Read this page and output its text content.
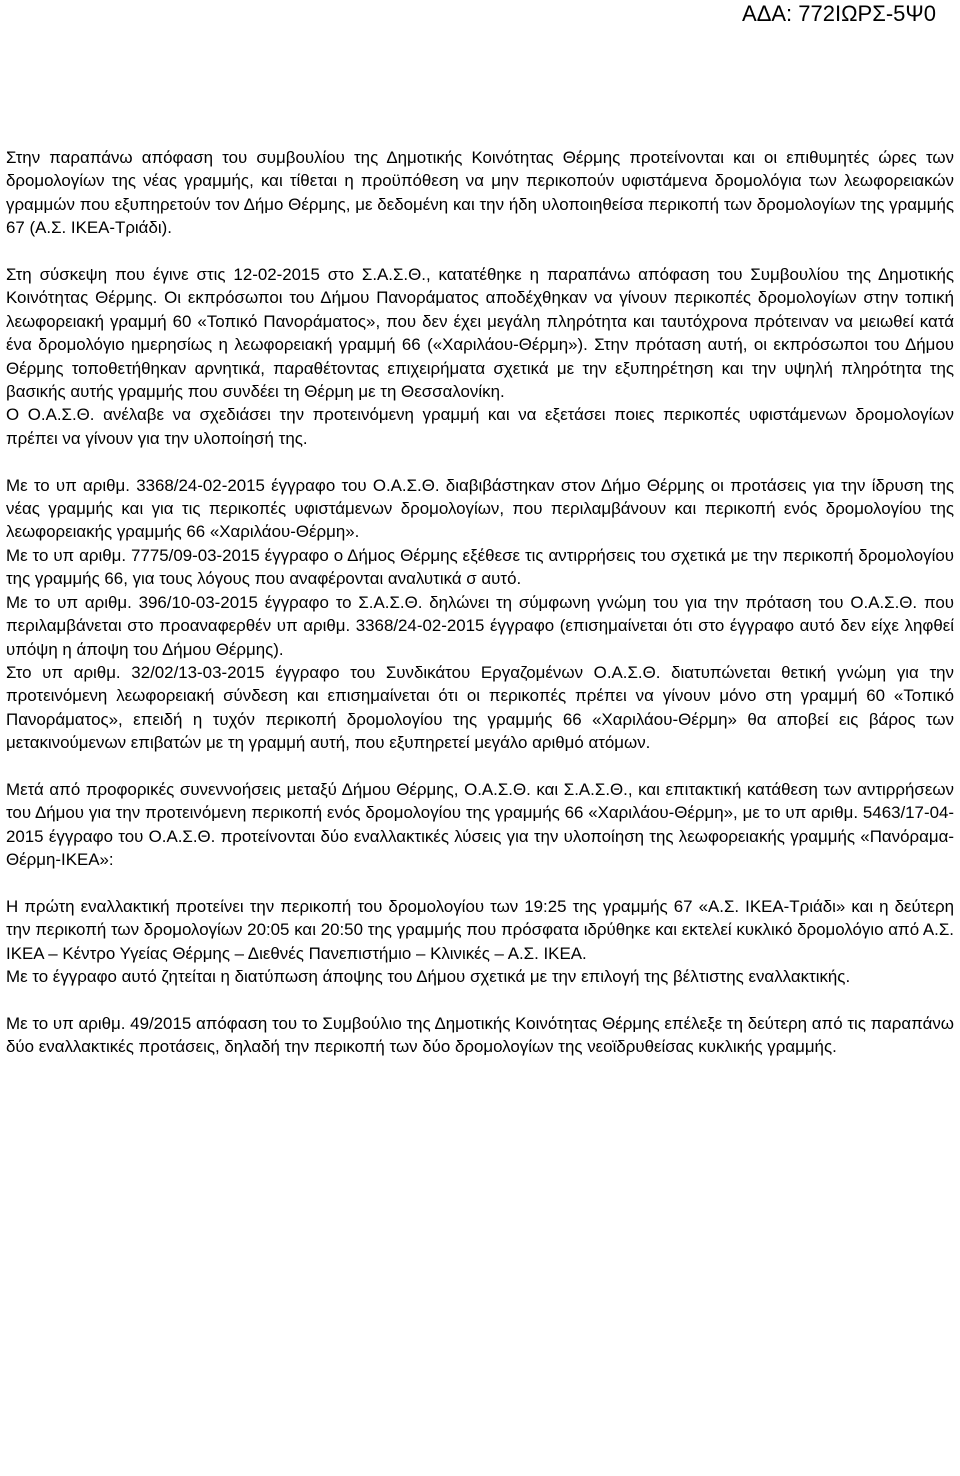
ΑΔΑ: 772ΙΩΡΣ-5Ψ0

Στην παραπάνω απόφαση του συμβουλίου της Δημοτικής Κοινότητας Θέρμης προτείνονται και οι επιθυμητές ώρες των δρομολογίων της νέας γραμμής, και τίθεται η προϋπόθεση να μην περικοπούν υφιστάμενα δρομολόγια των λεωφορειακών γραμμών που εξυπηρετούν τον Δήμο Θέρμης, με δεδομένη και την ήδη υλοποιηθείσα περικοπή των δρομολογίων της γραμμής 67 (Α.Σ. ΙΚΕΑ-Τριάδι).

Στη σύσκεψη που έγινε στις 12-02-2015 στο Σ.Α.Σ.Θ., κατατέθηκε η παραπάνω απόφαση του Συμβουλίου της Δημοτικής Κοινότητας Θέρμης. Οι εκπρόσωποι του Δήμου Πανοράματος αποδέχθηκαν να γίνουν περικοπές δρομολογίων στην τοπική λεωφορειακή γραμμή 60 «Τοπικό Πανοράματος», που δεν έχει μεγάλη πληρότητα και ταυτόχρονα πρότειναν να μειωθεί κατά ένα δρομολόγιο ημερησίως η λεωφορειακή γραμμή 66 («Χαριλάου-Θέρμη»). Στην πρόταση αυτή, οι εκπρόσωποι του Δήμου Θέρμης τοποθετήθηκαν αρνητικά, παραθέτοντας επιχειρήματα σχετικά με την εξυπηρέτηση και την υψηλή πληρότητα της βασικής αυτής γραμμής που συνδέει τη Θέρμη με τη Θεσσαλονίκη.

Ο Ο.Α.Σ.Θ. ανέλαβε να σχεδιάσει την προτεινόμενη γραμμή και να εξετάσει ποιες περικοπές υφιστάμενων δρομολογίων πρέπει να γίνουν για την υλοποίησή της.

Με το υπ αριθμ. 3368/24-02-2015 έγγραφο του Ο.Α.Σ.Θ. διαβιβάστηκαν στον Δήμο Θέρμης οι προτάσεις για την ίδρυση της νέας γραμμής και για τις περικοπές υφιστάμενων δρομολογίων, που περιλαμβάνουν και περικοπή ενός δρομολογίου της λεωφορειακής γραμμής 66 «Χαριλάου-Θέρμη».

Με το υπ αριθμ. 7775/09-03-2015 έγγραφο ο Δήμος Θέρμης εξέθεσε τις αντιρρήσεις του σχετικά με την περικοπή δρομολογίου της γραμμής 66, για τους λόγους που αναφέρονται αναλυτικά σ αυτό.

Με το υπ αριθμ. 396/10-03-2015 έγγραφο το Σ.Α.Σ.Θ. δηλώνει τη σύμφωνη γνώμη του για την πρόταση του Ο.Α.Σ.Θ. που περιλαμβάνεται στο προαναφερθέν υπ αριθμ. 3368/24-02-2015 έγγραφο (επισημαίνεται ότι στο έγγραφο αυτό δεν είχε ληφθεί υπόψη η άποψη του Δήμου Θέρμης).

Στο υπ αριθμ. 32/02/13-03-2015 έγγραφο του Συνδικάτου Εργαζομένων Ο.Α.Σ.Θ. διατυπώνεται θετική γνώμη για την προτεινόμενη λεωφορειακή σύνδεση και επισημαίνεται ότι οι περικοπές πρέπει να γίνουν μόνο στη γραμμή 60 «Τοπικό Πανοράματος», επειδή η τυχόν περικοπή δρομολογίου της γραμμής 66 «Χαριλάου-Θέρμη» θα αποβεί εις βάρος των μετακινούμενων επιβατών με τη γραμμή αυτή, που εξυπηρετεί μεγάλο αριθμό ατόμων.

Μετά από προφορικές συνεννοήσεις μεταξύ Δήμου Θέρμης, Ο.Α.Σ.Θ. και Σ.Α.Σ.Θ., και επιτακτική κατάθεση των αντιρρήσεων του Δήμου για την προτεινόμενη περικοπή ενός δρομολογίου της γραμμής 66 «Χαριλάου-Θέρμη», με το υπ αριθμ. 5463/17-04-2015 έγγραφο του Ο.Α.Σ.Θ. προτείνονται δύο εναλλακτικές λύσεις για την υλοποίηση της λεωφορειακής γραμμής «Πανόραμα-Θέρμη-ΙΚΕΑ»:

Η πρώτη εναλλακτική προτείνει την περικοπή του δρομολογίου των 19:25 της γραμμής 67 «Α.Σ. ΙΚΕΑ-Τριάδι» και η δεύτερη την περικοπή των δρομολογίων 20:05 και 20:50 της γραμμής που πρόσφατα ιδρύθηκε και εκτελεί κυκλικό δρομολόγιο από Α.Σ. ΙΚΕΑ – Κέντρο Υγείας Θέρμης – Διεθνές Πανεπιστήμιο – Κλινικές – Α.Σ. ΙΚΕΑ.

Με το έγγραφο αυτό ζητείται η διατύπωση άποψης του Δήμου σχετικά με την επιλογή της βέλτιστης εναλλακτικής.

Με το υπ αριθμ. 49/2015 απόφαση του το Συμβούλιο της Δημοτικής Κοινότητας Θέρμης επέλεξε τη δεύτερη από τις παραπάνω δύο εναλλακτικές προτάσεις, δηλαδή την περικοπή των δύο δρομολογίων της νεοϊδρυθείσας κυκλικής γραμμής.
